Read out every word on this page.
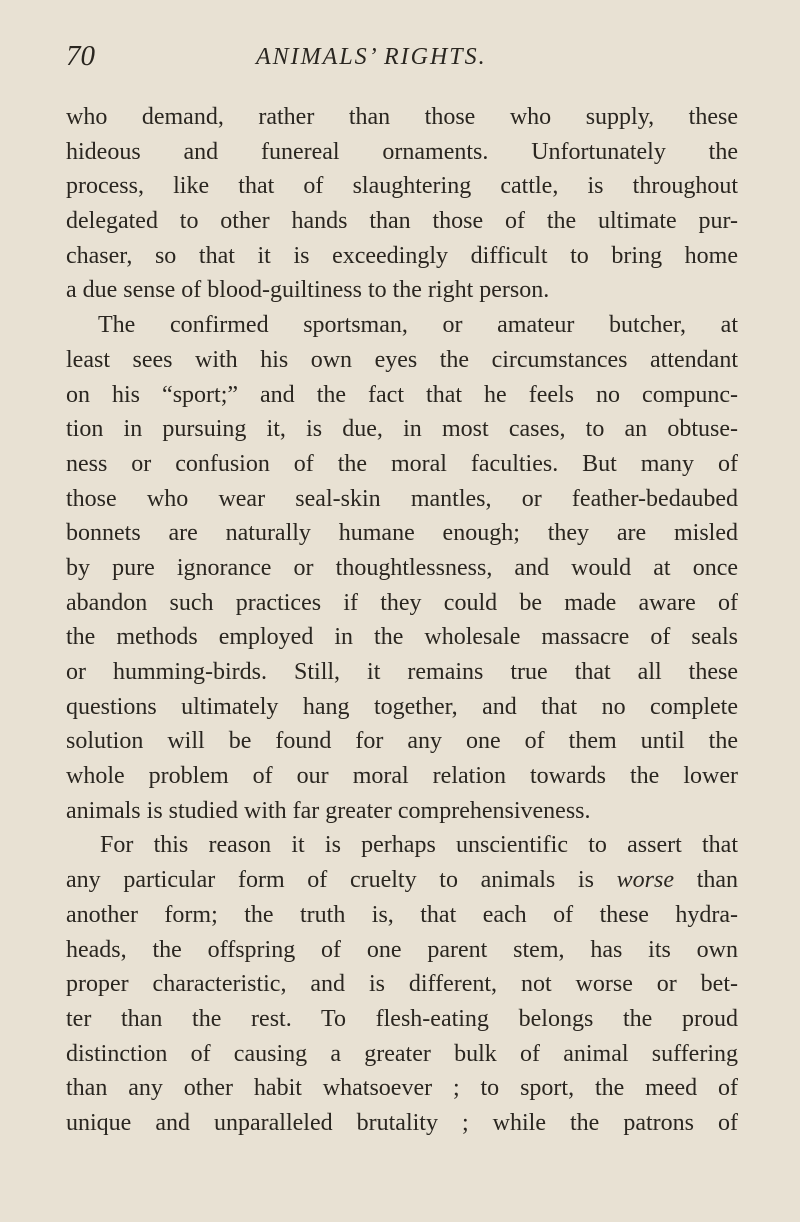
70	ANIMALS’ RIGHTS.
who demand, rather than those who supply, these
hideous and funereal ornaments. Unfortunately the
process, like that of slaughtering cattle, is throughout
delegated to other hands than those of the ultimate pur-
chaser, so that it is exceedingly difficult to bring home
a due sense of blood-guiltiness to the right person.
The confirmed sportsman, or amateur butcher, at
least sees with his own eyes the circumstances attendant
on his “sport;” and the fact that he feels no compunc-
tion in pursuing it, is due, in most cases, to an obtuse-
ness or confusion of the moral faculties. But many of
those who wear seal-skin mantles, or feather-bedaubed
bonnets are naturally humane enough; they are misled
by pure ignorance or thoughtlessness, and would at once
abandon such practices if they could be made aware of
the methods employed in the wholesale massacre of seals
or humming-birds. Still, it remains true that all these
questions ultimately hang together, and that no complete
solution will be found for any one of them until the
whole problem of our moral relation towards the lower
animals is studied with far greater comprehensiveness.
For this reason it is perhaps unscientific to assert that
any particular form of cruelty to animals is worse than
another form; the truth is, that each of these hydra-
heads, the offspring of one parent stem, has its own
proper characteristic, and is different, not worse or bet-
ter than the rest. To flesh-eating belongs the proud
distinction of causing a greater bulk of animal suffering
than any other habit whatsoever ; to sport, the meed of
unique and unparalleled brutality ; while the patrons of
